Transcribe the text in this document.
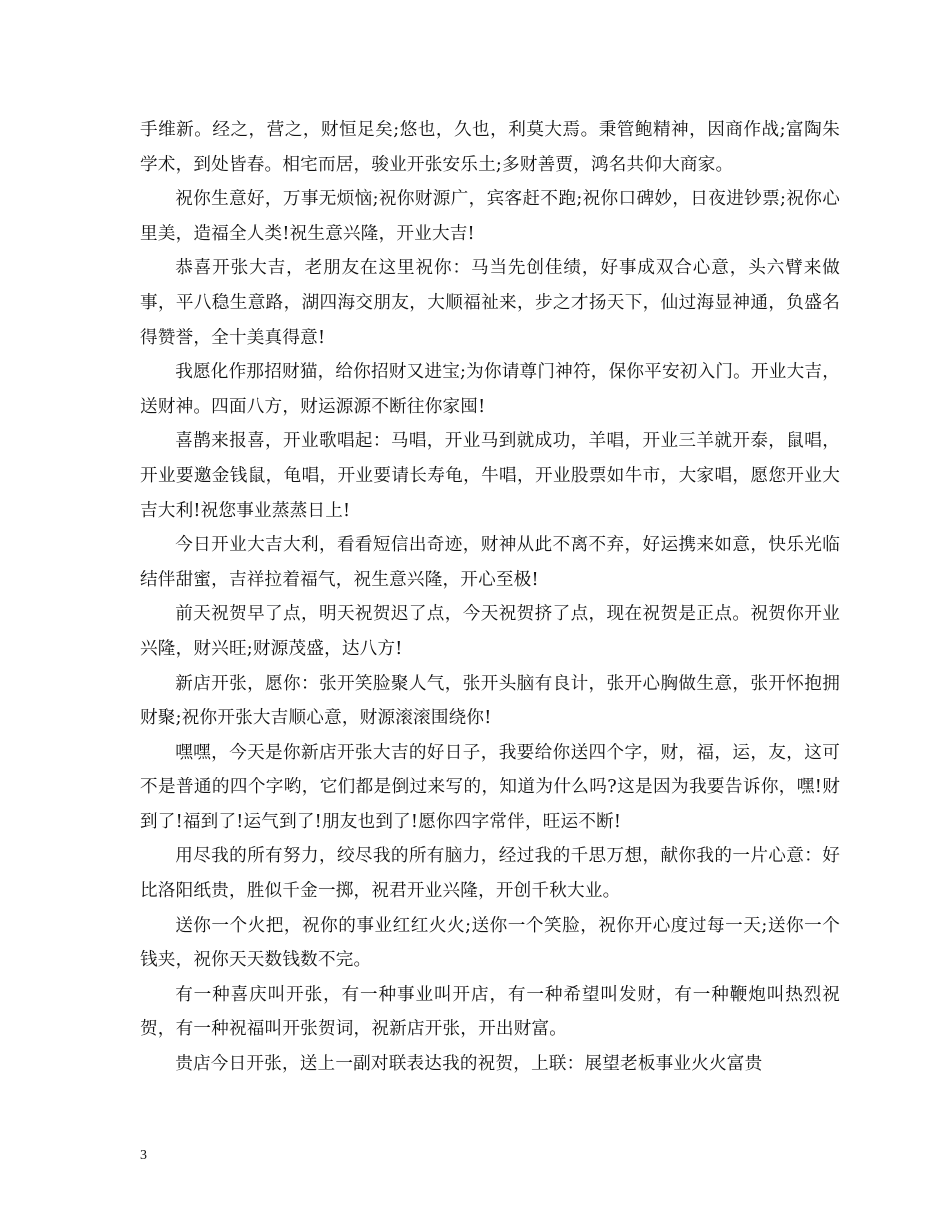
手维新。经之，营之，财恒足矣;悠也，久也，利莫大焉。秉管鲍精神，因商作战;富陶朱学术，到处皆春。相宅而居，骏业开张安乐土;多财善贾，鸿名共仰大商家。

祝你生意好，万事无烦恼;祝你财源广，宾客赶不跑;祝你口碑妙，日夜进钞票;祝你心里美，造福全人类!祝生意兴隆，开业大吉!

恭喜开张大吉，老朋友在这里祝你：马当先创佳绩，好事成双合心意，头六臂来做事，平八稳生意路，湖四海交朋友，大顺福祉来，步之才扬天下，仙过海显神通，负盛名得赞誉，全十美真得意!

我愿化作那招财猫，给你招财又进宝;为你请尊门神符，保你平安初入门。开业大吉，送财神。四面八方，财运源源不断往你家囤!

喜鹊来报喜，开业歌唱起：马唱，开业马到就成功，羊唱，开业三羊就开泰，鼠唱，开业要邀金钱鼠，龟唱，开业要请长寿龟，牛唱，开业股票如牛市，大家唱，愿您开业大吉大利!祝您事业蒸蒸日上!

今日开业大吉大利，看看短信出奇迹，财神从此不离不弃，好运携来如意，快乐光临结伴甜蜜，吉祥拉着福气，祝生意兴隆，开心至极!

前天祝贺早了点，明天祝贺迟了点，今天祝贺挤了点，现在祝贺是正点。祝贺你开业兴隆，财兴旺;财源茂盛，达八方!

新店开张，愿你：张开笑脸聚人气，张开头脑有良计，张开心胸做生意，张开怀抱拥财聚;祝你开张大吉顺心意，财源滚滚围绕你!

嘿嘿，今天是你新店开张大吉的好日子，我要给你送四个字，财，福，运，友，这可不是普通的四个字哟，它们都是倒过来写的，知道为什么吗?这是因为我要告诉你，嘿!财到了!福到了!运气到了!朋友也到了!愿你四字常伴，旺运不断!

用尽我的所有努力，绞尽我的所有脑力，经过我的千思万想，献你我的一片心意：好比洛阳纸贵，胜似千金一掷，祝君开业兴隆，开创千秋大业。

送你一个火把，祝你的事业红红火火;送你一个笑脸，祝你开心度过每一天;送你一个钱夹，祝你天天数钱数不完。

有一种喜庆叫开张，有一种事业叫开店，有一种希望叫发财，有一种鞭炮叫热烈祝贺，有一种祝福叫开张贺词，祝新店开张，开出财富。

贵店今日开张，送上一副对联表达我的祝贺，上联：展望老板事业火火富贵

3
